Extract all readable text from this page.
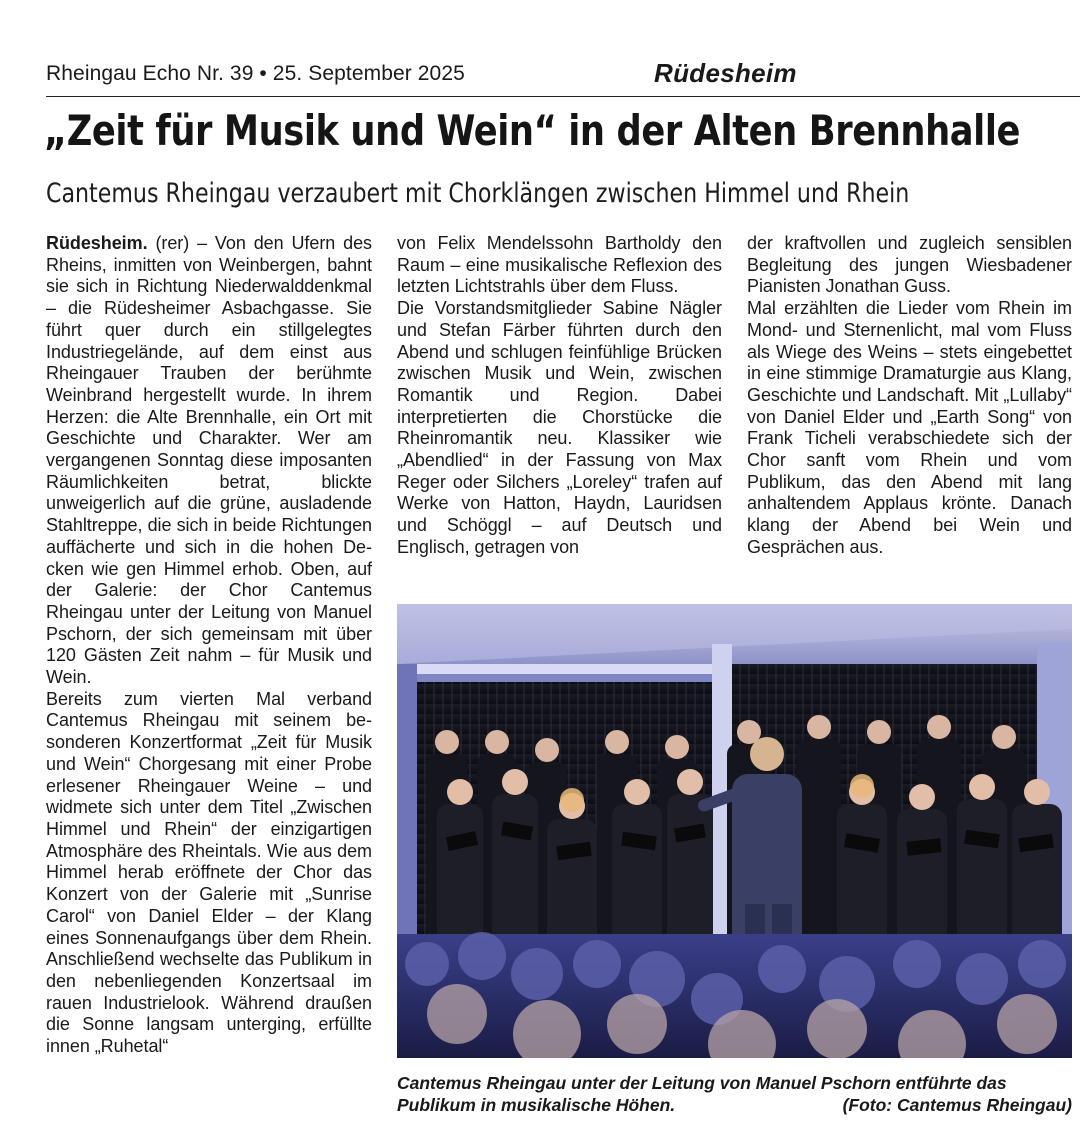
Rheingau Echo Nr. 39 • 25. September 2025	Rüdesheim
„Zeit für Musik und Wein“ in der Alten Brennhalle
Cantemus Rheingau verzaubert mit Chorklängen zwischen Himmel und Rhein

Rüdesheim. (rer) – Von den Ufern des Rheins, inmitten von Weinbergen, bahnt sie sich in Richtung Niederwalddenkmal – die Rüdesheimer Asbachgasse. Sie führt quer durch ein stillgelegtes Industriegelände, auf dem einst aus Rheingauer Trauben der berühmte Weinbrand hergestellt wurde. In ihrem Herzen: die Alte Brennhalle, ein Ort mit Geschichte und Charakter. Wer am vergangenen Sonntag diese imposanten Räumlichkeiten betrat, blickte unweigerlich auf die grüne, ausladende Stahltreppe, die sich in beide Richtungen auffächerte und sich in die hohen Decken wie gen Himmel erhob. Oben, auf der Galerie: der Chor Cantemus Rheingau unter der Leitung von Manuel Pschorn, der sich gemeinsam mit über 120 Gästen Zeit nahm – für Musik und Wein.

Bereits zum vierten Mal verband Cantemus Rheingau mit seinem besonderen Konzertformat „Zeit für Musik und Wein“ Chorgesang mit einer Probe erlesener Rheingauer Weine – und widmete sich unter dem Titel „Zwischen Himmel und Rhein“ der einzigartigen Atmosphäre des Rheintals. Wie aus dem Himmel herab eröffnete der Chor das Konzert von der Galerie mit „Sunrise Carol“ von Daniel Elder – der Klang eines Sonnenaufgangs über dem Rhein. Anschließend wechselte das Publikum in den nebenliegenden Konzertsaal im rauen Industrielook. Während draußen die Sonne langsam unterging, erfüllte innen „Ruhetal“

von Felix Mendelssohn Bartholdy den Raum – eine musikalische Reflexion des letzten Lichtstrahls über dem Fluss.

Die Vorstandsmitglieder Sabine Nägler und Stefan Färber führten durch den Abend und schlugen feinfühlige Brücken zwischen Musik und Wein, zwischen Romantik und Region. Dabei interpretierten die Chorstücke die Rheinromantik neu. Klassiker wie „Abendlied“ in der Fassung von Max Reger oder Silchers „Loreley“ trafen auf Werke von Hatton, Haydn, Lauridsen und Schöggl – auf Deutsch und Englisch, getragen von

der kraftvollen und zugleich sensiblen Begleitung des jungen Wiesbadener Pianisten Jonathan Guss.

Mal erzählten die Lieder vom Rhein im Mond- und Sternenlicht, mal vom Fluss als Wiege des Weins – stets eingebettet in eine stimmige Dramaturgie aus Klang, Geschichte und Landschaft. Mit „Lullaby“ von Daniel Elder und „Earth Song“ von Frank Ticheli verabschiedete sich der Chor sanft vom Rhein und vom Publikum, das den Abend mit lang anhaltendem Applaus krönte. Danach klang der Abend bei Wein und Gesprächen aus.

Cantemus Rheingau unter der Leitung von Manuel Pschorn entführte das
Publikum in musikalische Höhen.	(Foto: Cantemus Rheingau)
